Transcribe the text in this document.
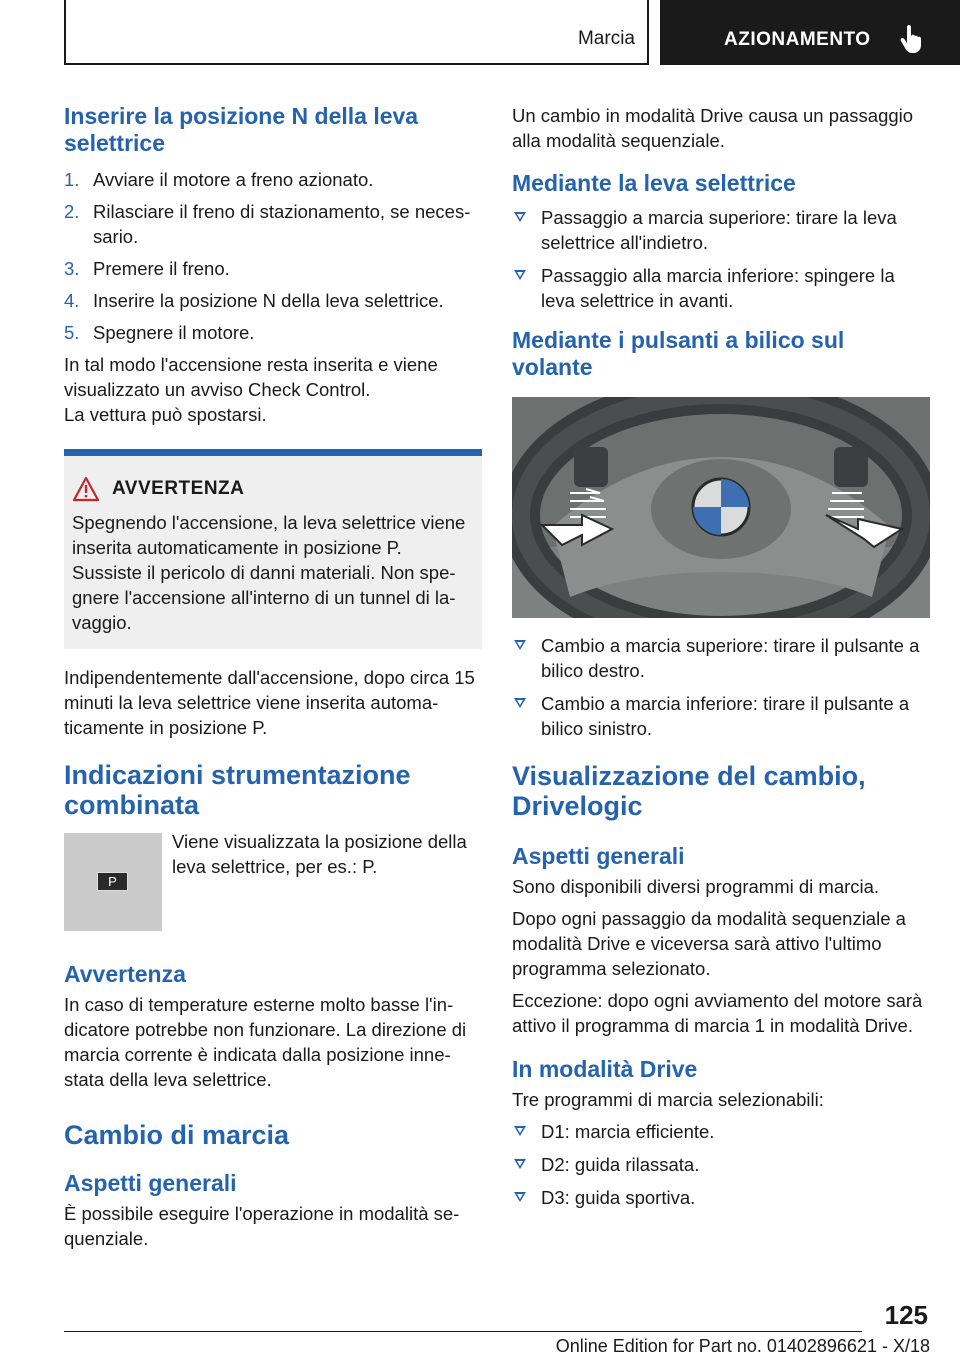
Marcia	AZIONAMENTO
Inserire la posizione N della leva selettrice
1. Avviare il motore a freno azionato.
2. Rilasciare il freno di stazionamento, se neces‐sario.
3. Premere il freno.
4. Inserire la posizione N della leva selettrice.
5. Spegnere il motore.

In tal modo l'accensione resta inserita e viene visualizzato un avviso Check Control.

La vettura può spostarsi.

AVVERTENZA

Spegnendo l'accensione, la leva selettrice viene inserita automaticamente in posizione P. Sussiste il pericolo di danni materiali. Non spe‐gnere l'accensione all'interno di un tunnel di la‐vaggio.

Indipendentemente dall'accensione, dopo circa 15 minuti la leva selettrice viene inserita automa‐ticamente in posizione P.

Indicazioni strumentazione combinata
P

Viene visualizzata la posizione della leva selettrice, per es.: P.

Avvertenza

In caso di temperature esterne molto basse l'in‐dicatore potrebbe non funzionare. La direzione di marcia corrente è indicata dalla posizione inne‐stata della leva selettrice.

Cambio di marcia
Aspetti generali

È possibile eseguire l'operazione in modalità se‐quenziale.

Un cambio in modalità Drive causa un passaggio alla modalità sequenziale.

Mediante la leva selettrice
Passaggio a marcia superiore: tirare la leva selettrice all'indietro.
Passaggio alla marcia inferiore: spingere la leva selettrice in avanti.
Mediante i pulsanti a bilico sul volante
Cambio a marcia superiore: tirare il pulsante a bilico destro.
Cambio a marcia inferiore: tirare il pulsante a bilico sinistro.
Visualizzazione del cambio, Drivelogic
Aspetti generali

Sono disponibili diversi programmi di marcia.

Dopo ogni passaggio da modalità sequenziale a modalità Drive e viceversa sarà attivo l'ultimo programma selezionato.

Eccezione: dopo ogni avviamento del motore sarà attivo il programma di marcia 1 in modalità Drive.

In modalità Drive

Tre programmi di marcia selezionabili:

D1: marcia efficiente.
D2: guida rilassata.
D3: guida sportiva.
125
Online Edition for Part no. 01402896621 - X/18
